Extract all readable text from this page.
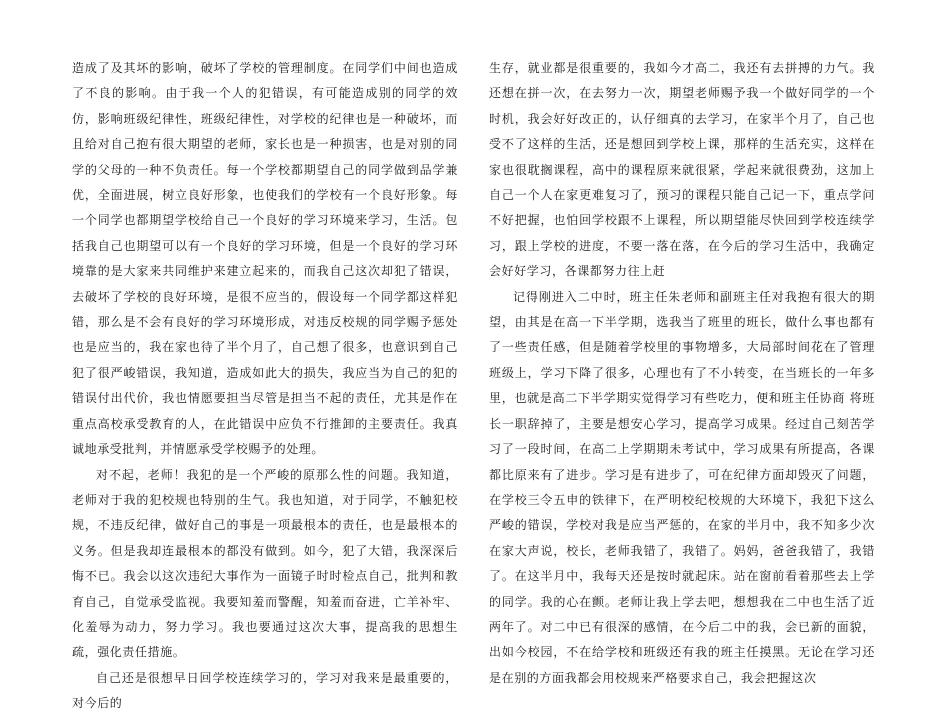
造成了及其坏的影响，破坏了学校的管理制度。在同学们中间也造成了不良的影响。由于我一个人的犯错误，有可能造成别的同学的效仿，影响班级纪律性，班级纪律性，对学校的纪律也是一种破坏，而且给对自己抱有很大期望的老师，家长也是一种损害，也是对别的同学的父母的一种不负责任。每一个学校都期望自己的同学做到品学兼优，全面进展，树立良好形象，也使我们的学校有一个良好形象。每一个同学也都期望学校给自己一个良好的学习环境来学习，生活。包括我自己也期望可以有一个良好的学习环境，但是一个良好的学习环境靠的是大家来共同维护来建立起来的，而我自己这次却犯了错误，去破坏了学校的良好环境，是很不应当的，假设每一个同学都这样犯错，那么是不会有良好的学习环境形成，对违反校规的同学赐予惩处也是应当的，我在家也待了半个月了，自己想了很多，也意识到自己犯了很严峻错误，我知道，造成如此大的损失，我应当为自己的犯的错误付出代价，我也情愿要担当尽管是担当不起的责任，尤其是作在重点高校承受教育的人，在此错误中应负不行推卸的主要责任。我真诚地承受批判，并情愿承受学校赐予的处理。

对不起，老师！我犯的是一个严峻的原那么性的问题。我知道，老师对于我的犯校规也特别的生气。我也知道，对于同学，不触犯校规，不违反纪律，做好自己的事是一项最根本的责任，也是最根本的义务。但是我却连最根本的都没有做到。如今，犯了大错，我深深后悔不已。我会以这次违纪大事作为一面镜子时时检点自己，批判和教育自己，自觉承受监视。我要知羞而警醒，知羞而奋进，亡羊补牢、化羞辱为动力，努力学习。我也要通过这次大事，提高我的思想生疏，强化责任措施。

自己还是很想早日回学校连续学习的，学习对我来是最重要的，对今后的

生存，就业都是很重要的，我如今才高二，我还有去拼搏的力气。我还想在拼一次，在去努力一次，期望老师赐予我一个做好同学的一个时机，我会好好改正的，认仔细真的去学习，在家半个月了，自己也受不了这样的生活，还是想回到学校上课，那样的生活充实，这样在家也很耽搁课程，高中的课程原来就很紧，学起来就很费劲，这加上自己一个人在家更难复习了，预习的课程只能自己记一下，重点学问不好把握，也怕回学校跟不上课程，所以期望能尽快回到学校连续学习，跟上学校的进度，不要一落在落，在今后的学习生活中，我确定会好好学习，各课都努力往上赶

记得刚进入二中时，班主任朱老师和副班主任对我抱有很大的期望，由其是在高一下半学期，选我当了班里的班长，做什么事也都有了一些责任感，但是随着学校里的事物增多，大局部时间花在了管理班级上，学习下降了很多，心理也有了不小转变，在当班长的一年多里，也就是高二下半学期实觉得学习有些吃力，便和班主任协商 将班长一职辞掉了，主要是想安心学习，提高学习成果。经过自己刻苦学习了一段时间，在高二上学期期未考试中，学习成果有所提高，各课都比原来有了进步。学习是有进步了，可在纪律方面却毁灭了问题，在学校三令五申的铁律下，在严明校纪校规的大环境下，我犯下这么严峻的错误，学校对我是应当严惩的，在家的半月中，我不知多少次在家大声说，校长，老师我错了，我错了。妈妈，爸爸我错了，我错了。在这半月中，我每天还是按时就起床。站在窗前看着那些去上学的同学。我的心在颤。老师让我上学去吧，想想我在二中也生活了近两年了。对二中已有很深的感情，在今后二中的我，会已新的面貌，出如今校园，不在给学校和班级还有我的班主任摸黑。无论在学习还是在别的方面我都会用校规来严格要求自己，我会把握这次
